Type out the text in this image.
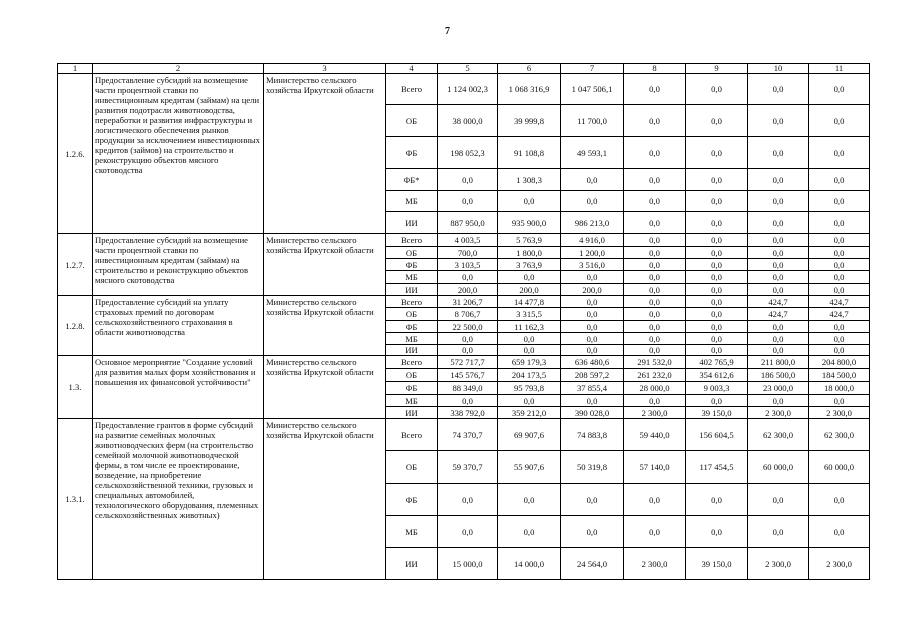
7
1	2	3	4	5	6	7	8	9	10	11
1.2.6.	Предоставление субсидий на возмещение части процентной ставки по инвестиционным кредитам (займам) на цели развития подотрасли животноводства, переработки и развития инфраструктуры и логистического обеспечения рынков продукции за исключением инвестиционных кредитов (займов) на строительство и реконструкцию объектов мясного скотоводства	Министерство сельского хозяйства Иркутской области	Всего	1 124 002,3	1 068 316,9	1 047 506,1	0,0	0,0	0,0	0,0
			ОБ	38 000,0	39 999,8	11 700,0	0,0	0,0	0,0	0,0
			ФБ	198 052,3	91 108,8	49 593,1	0,0	0,0	0,0	0,0
			ФБ*	0,0	1 308,3	0,0	0,0	0,0	0,0	0,0
			МБ	0,0	0,0	0,0	0,0	0,0	0,0	0,0
			ИИ	887 950,0	935 900,0	986 213,0	0,0	0,0	0,0	0,0
1.2.7.	Предоставление субсидий на возмещение части процентной ставки по инвестиционным кредитам (займам) на строительство и реконструкцию объектов мясного скотоводства	Министерство сельского хозяйства Иркутской области	Всего	4 003,5	5 763,9	4 916,0	0,0	0,0	0,0	0,0
			ОБ	700,0	1 800,0	1 200,0	0,0	0,0	0,0	0,0
			ФБ	3 103,5	3 763,9	3 516,0	0,0	0,0	0,0	0,0
			МБ	0,0	0,0	0,0	0,0	0,0	0,0	0,0
			ИИ	200,0	200,0	200,0	0,0	0,0	0,0	0,0
1.2.8.	Предоставление субсидий на уплату страховых премий по договорам сельскохозяйственного страхования в области животноводства	Министерство сельского хозяйства Иркутской области	Всего	31 206,7	14 477,8	0,0	0,0	0,0	424,7	424,7
			ОБ	8 706,7	3 315,5	0,0	0,0	0,0	424,7	424,7
			ФБ	22 500,0	11 162,3	0,0	0,0	0,0	0,0	0,0
			МБ	0,0	0,0	0,0	0,0	0,0	0,0	0,0
			ИИ	0,0	0,0	0,0	0,0	0,0	0,0	0,0
1.3.	Основное мероприятие "Создание условий для развития малых форм хозяйствования и повышения их финансовой устойчивости"	Министерство сельского хозяйства Иркутской области	Всего	572 717,7	659 179,3	636 480,6	291 532,0	402 765,9	211 800,0	204 800,0
			ОБ	145 576,7	204 173,5	208 597,2	261 232,0	354 612,6	186 500,0	184 500,0
			ФБ	88 349,0	95 793,8	37 855,4	28 000,0	9 003,3	23 000,0	18 000,0
			МБ	0,0	0,0	0,0	0,0	0,0	0,0	0,0
			ИИ	338 792,0	359 212,0	390 028,0	2 300,0	39 150,0	2 300,0	2 300,0
1.3.1.	Предоставление грантов в форме субсидий на развитие семейных молочных животноводческих ферм (на строительство семейной молочной животноводческой фермы, в том числе ее проектирование, возведение, на приобретение сельскохозяйственной техники, грузовых и специальных автомобилей, технологического оборудования, племенных сельскохозяйственных животных)	Министерство сельского хозяйства Иркутской области	Всего	74 370,7	69 907,6	74 883,8	59 440,0	156 604,5	62 300,0	62 300,0
			ОБ	59 370,7	55 907,6	50 319,8	57 140,0	117 454,5	60 000,0	60 000,0
			ФБ	0,0	0,0	0,0	0,0	0,0	0,0	0,0
			МБ	0,0	0,0	0,0	0,0	0,0	0,0	0,0
			ИИ	15 000,0	14 000,0	24 564,0	2 300,0	39 150,0	2 300,0	2 300,0
